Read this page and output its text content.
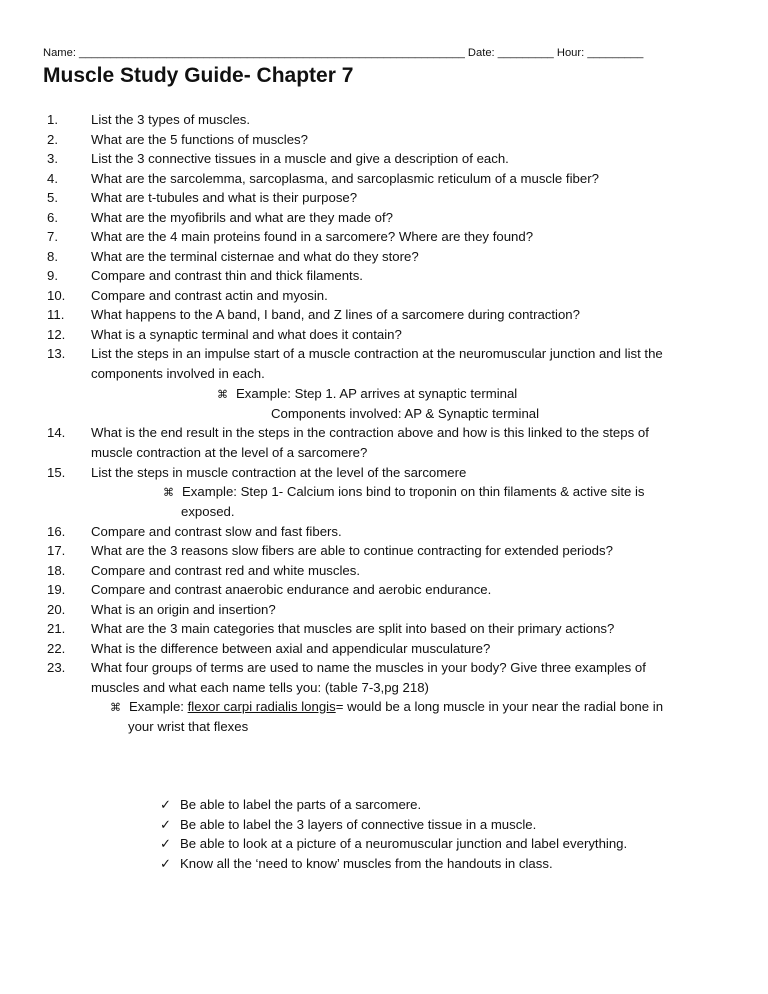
Name: ______________________________________________________________ Date: _________ Hour: _________
Muscle Study Guide- Chapter 7
1.	List the 3 types of muscles.
2.	What are the 5 functions of muscles?
3.	List the 3 connective tissues in a muscle and give a description of each.
4.	What are the sarcolemma, sarcoplasma, and sarcoplasmic reticulum of a muscle fiber?
5.	What are t-tubules and what is their purpose?
6.	What are the myofibrils and what are they made of?
7.	What are the 4 main proteins found in a sarcomere? Where are they found?
8.	What are the terminal cisternae and what do they store?
9.	Compare and contrast thin and thick filaments.
10.	Compare and contrast actin and myosin.
11.	What happens to the A band, I band, and Z lines of a sarcomere during contraction?
12.	What is a synaptic terminal and what does it contain?
13.	List the steps in an impulse start of a muscle contraction at the neuromuscular junction and list the
components involved in each.
⌘ Example: Step 1. AP arrives at synaptic terminal
Components involved: AP & Synaptic terminal
14.	What is the end result in the steps in the contraction above and how is this linked to the steps of
muscle contraction at the level of a sarcomere?
15.	List the steps in muscle contraction at the level of the sarcomere
⌘ Example: Step 1- Calcium ions bind to troponin on thin filaments & active site is
exposed.
16.	Compare and contrast slow and fast fibers.
17.	What are the 3 reasons slow fibers are able to continue contracting for extended periods?
18.	Compare and contrast red and white muscles.
19.	Compare and contrast anaerobic endurance and aerobic endurance.
20.	What is an origin and insertion?
21.	What are the 3 main categories that muscles are split into based on their primary actions?
22.	What is the difference between axial and appendicular musculature?
23.	What four groups of terms are used to name the muscles in your body? Give three examples of
muscles and what each name tells you: (table 7-3,pg 218)
⌘ Example: flexor carpi radialis longis= would be a long muscle in your near the radial bone in
your wrist that flexes
✓ Be able to label the parts of a sarcomere.
✓ Be able to label the 3 layers of connective tissue in a muscle.
✓ Be able to look at a picture of a neuromuscular junction and label everything.
✓ Know all the ‘need to know’ muscles from the handouts in class.
